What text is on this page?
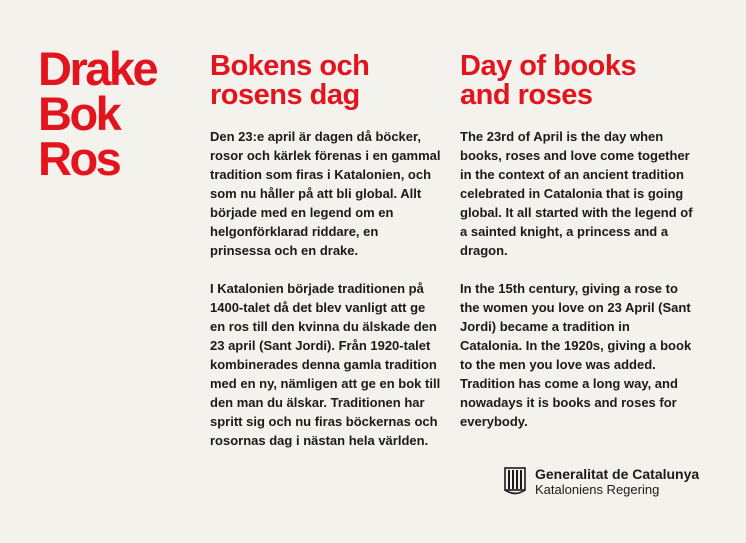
Drake
Bok
Ros
Bokens och
rosens dag

Den 23:e april är dagen då böcker,
rosor och kärlek förenas i en gammal
tradition som firas i Katalonien, och
som nu håller på att bli global. Allt
började med en legend om en
helgonförklarad riddare, en
prinsessa och en drake.

I Katalonien började traditionen på
1400-talet då det blev vanligt att ge
en ros till den kvinna du älskade den
23 april (Sant Jordi). Från 1920-talet
kombinerades denna gamla tradition
med en ny, nämligen att ge en bok till
den man du älskar. Traditionen har
spritt sig och nu firas böckernas och
rosornas dag i nästan hela världen.

Day of books
and roses

The 23rd of April is the day when
books, roses and love come together
in the context of an ancient tradition
celebrated in Catalonia that is going
global. It all started with the legend of
a sainted knight, a princess and a
dragon.

In the 15th century, giving a rose to
the women you love on 23 April (Sant
Jordi) became a tradition in
Catalonia. In the 1920s, giving a book
to the men you love was added.
Tradition has come a long way, and
nowadays it is books and roses for
everybody.

Generalitat de Catalunya
Kataloniens Regering
